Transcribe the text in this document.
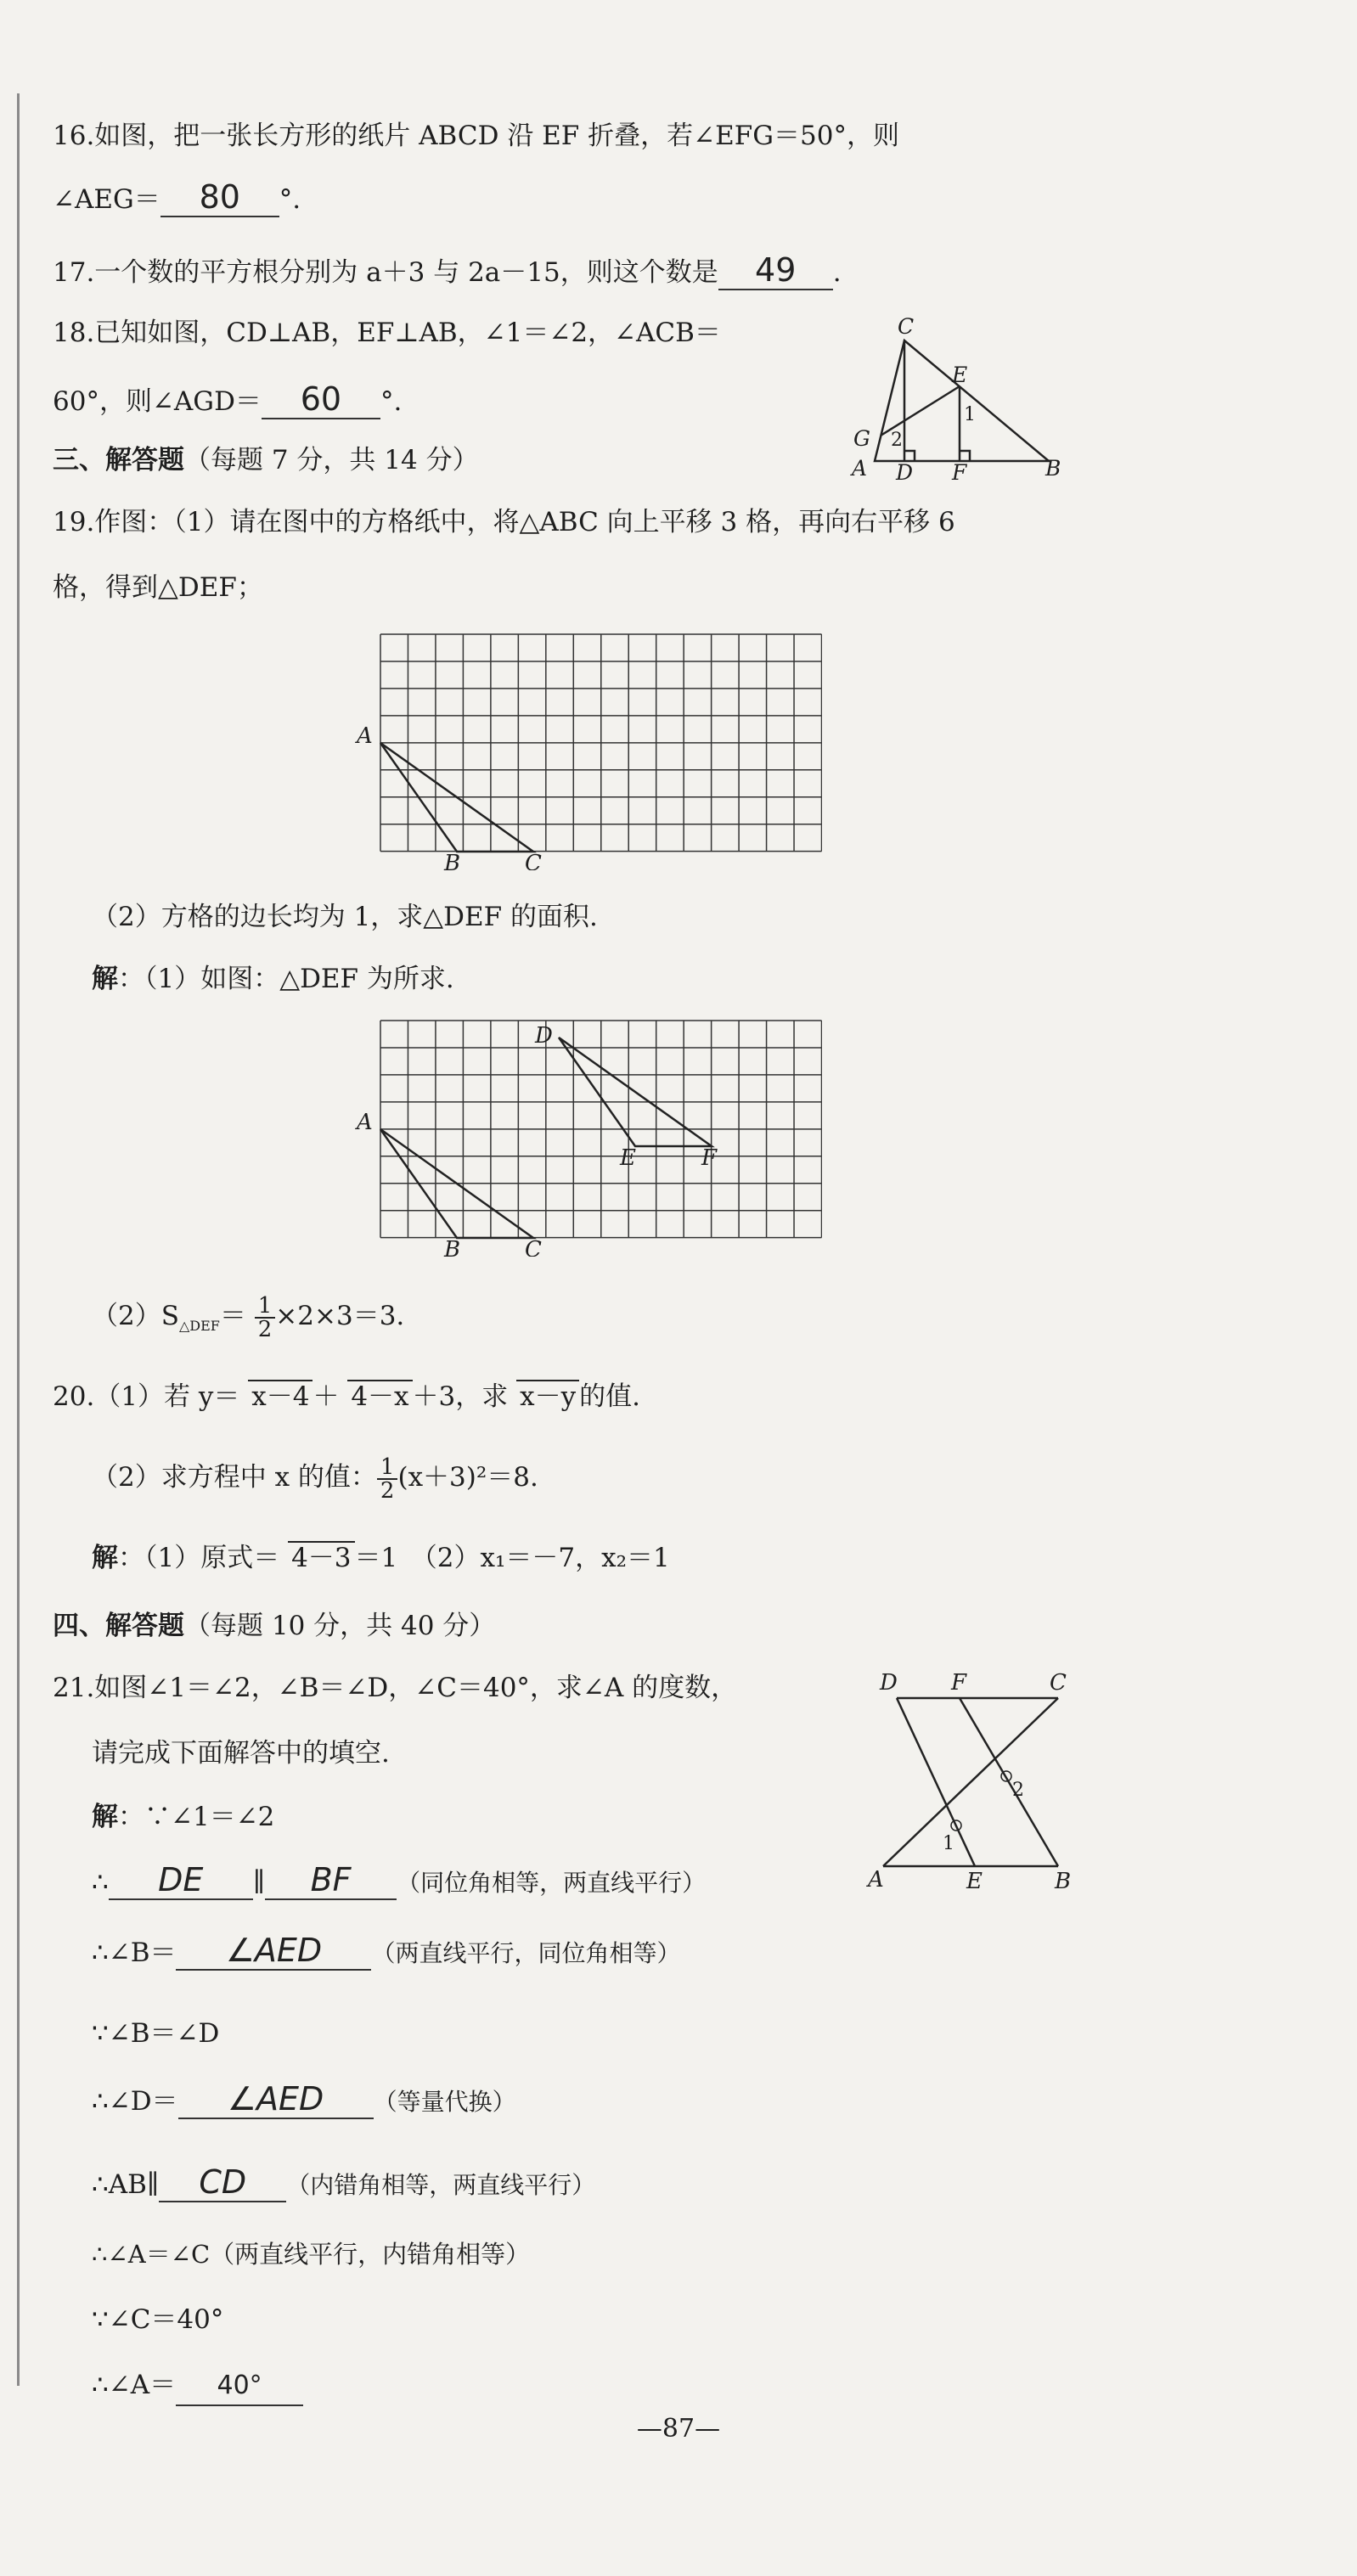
16.如图，把一张长方形的纸片 ABCD 沿 EF 折叠，若∠EFG＝50°，则
∠AEG＝ 80 °.
17.一个数的平方根分别为 a＋3 与 2a－15，则这个数是 49 .
18.已知如图，CD⊥AB，EF⊥AB，∠1＝∠2，∠ACB＝
60°，则∠AGD＝ 60 °.
C
E
G 2
1
A D F	B
三、解答题（每题 7 分，共 14 分）
19.作图：（1）请在图中的方格纸中，将△ABC 向上平移 3 格，再向右平移 6
格，得到△DEF；
A
B	C
（2）方格的边长均为 1，求△DEF 的面积.
解：（1）如图：△DEF 为所求.
A
B	C
D
E	F
$(2)S_{\triangle DEF}= \frac{1}{2} \times 2\times 3=3$.
20.（1）若 y＝ x－4 ＋ 4－x ＋3，求 x－y 的值.
（2）求方程中 x 的值： $\frac{1}{2} (x+3)^2=8$.
解：（1）原式＝ 4－3 ＝1　（2）x₁＝－7，x₂＝1
四、解答题（每题 10 分，共 40 分）
21.如图∠1＝∠2，∠B＝∠D，∠C＝40°，求∠A 的度数，
请完成下面解答中的填空.
D F	C
2
1
A	E	B
解：∵∠1＝∠2
∴ DE ∥ BF （同位角相等，两直线平行）
∴∠B＝ ∠AED （两直线平行，同位角相等）
∵∠B＝∠D
∴∠D＝ ∠AED （等量代换）
∴AB∥ CD （内错角相等，两直线平行）
∴∠A＝∠C（两直线平行，内错角相等）
∵∠C＝40°
∴∠A＝ 40°
—87—
